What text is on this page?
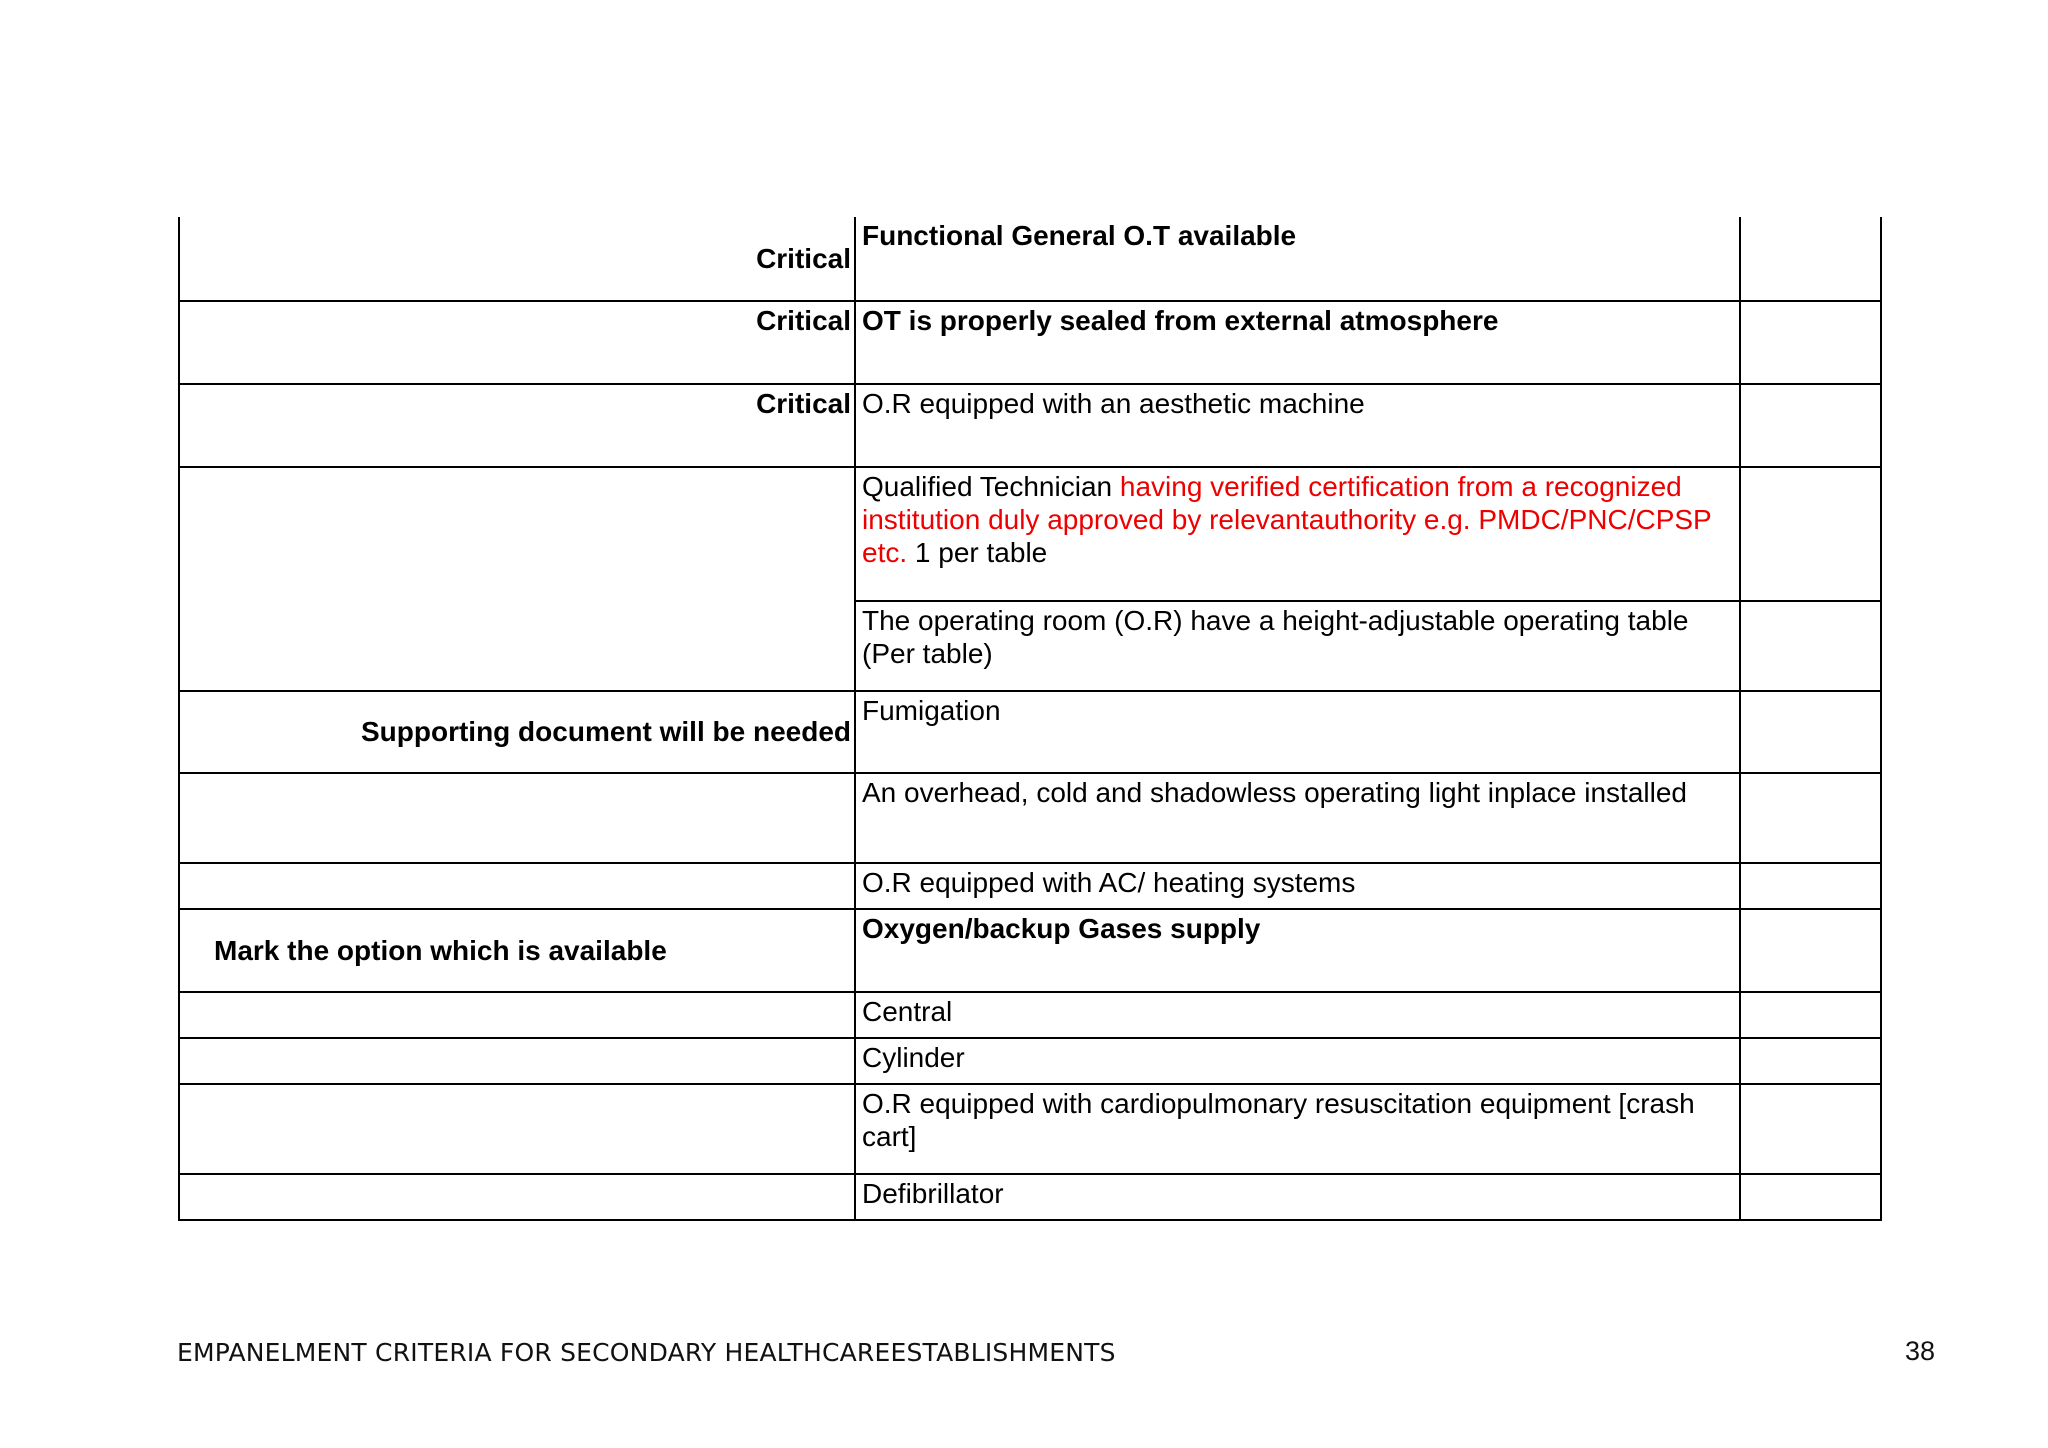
Critical	Functional General O.T available	
Critical	OT is properly sealed from external atmosphere	
Critical	O.R equipped with an aesthetic machine	
	Qualified Technician having verified certification from a recognized institution duly approved by relevantauthority e.g. PMDC/PNC/CPSP etc. 1 per table	
	The operating room (O.R) have a height-adjustable operating table (Per table)	
Supporting document will be needed	Fumigation	
	An overhead, cold and shadowless operating light inplace installed	
	O.R equipped with AC/ heating systems	
Mark the option which is available	Oxygen/backup Gases supply	
	Central	
	Cylinder	
	O.R equipped with cardiopulmonary resuscitation equipment [crash cart]	
	Defibrillator	
EMPANELMENT CRITERIA FOR SECONDARY HEALTHCAREESTABLISHMENTS	38
